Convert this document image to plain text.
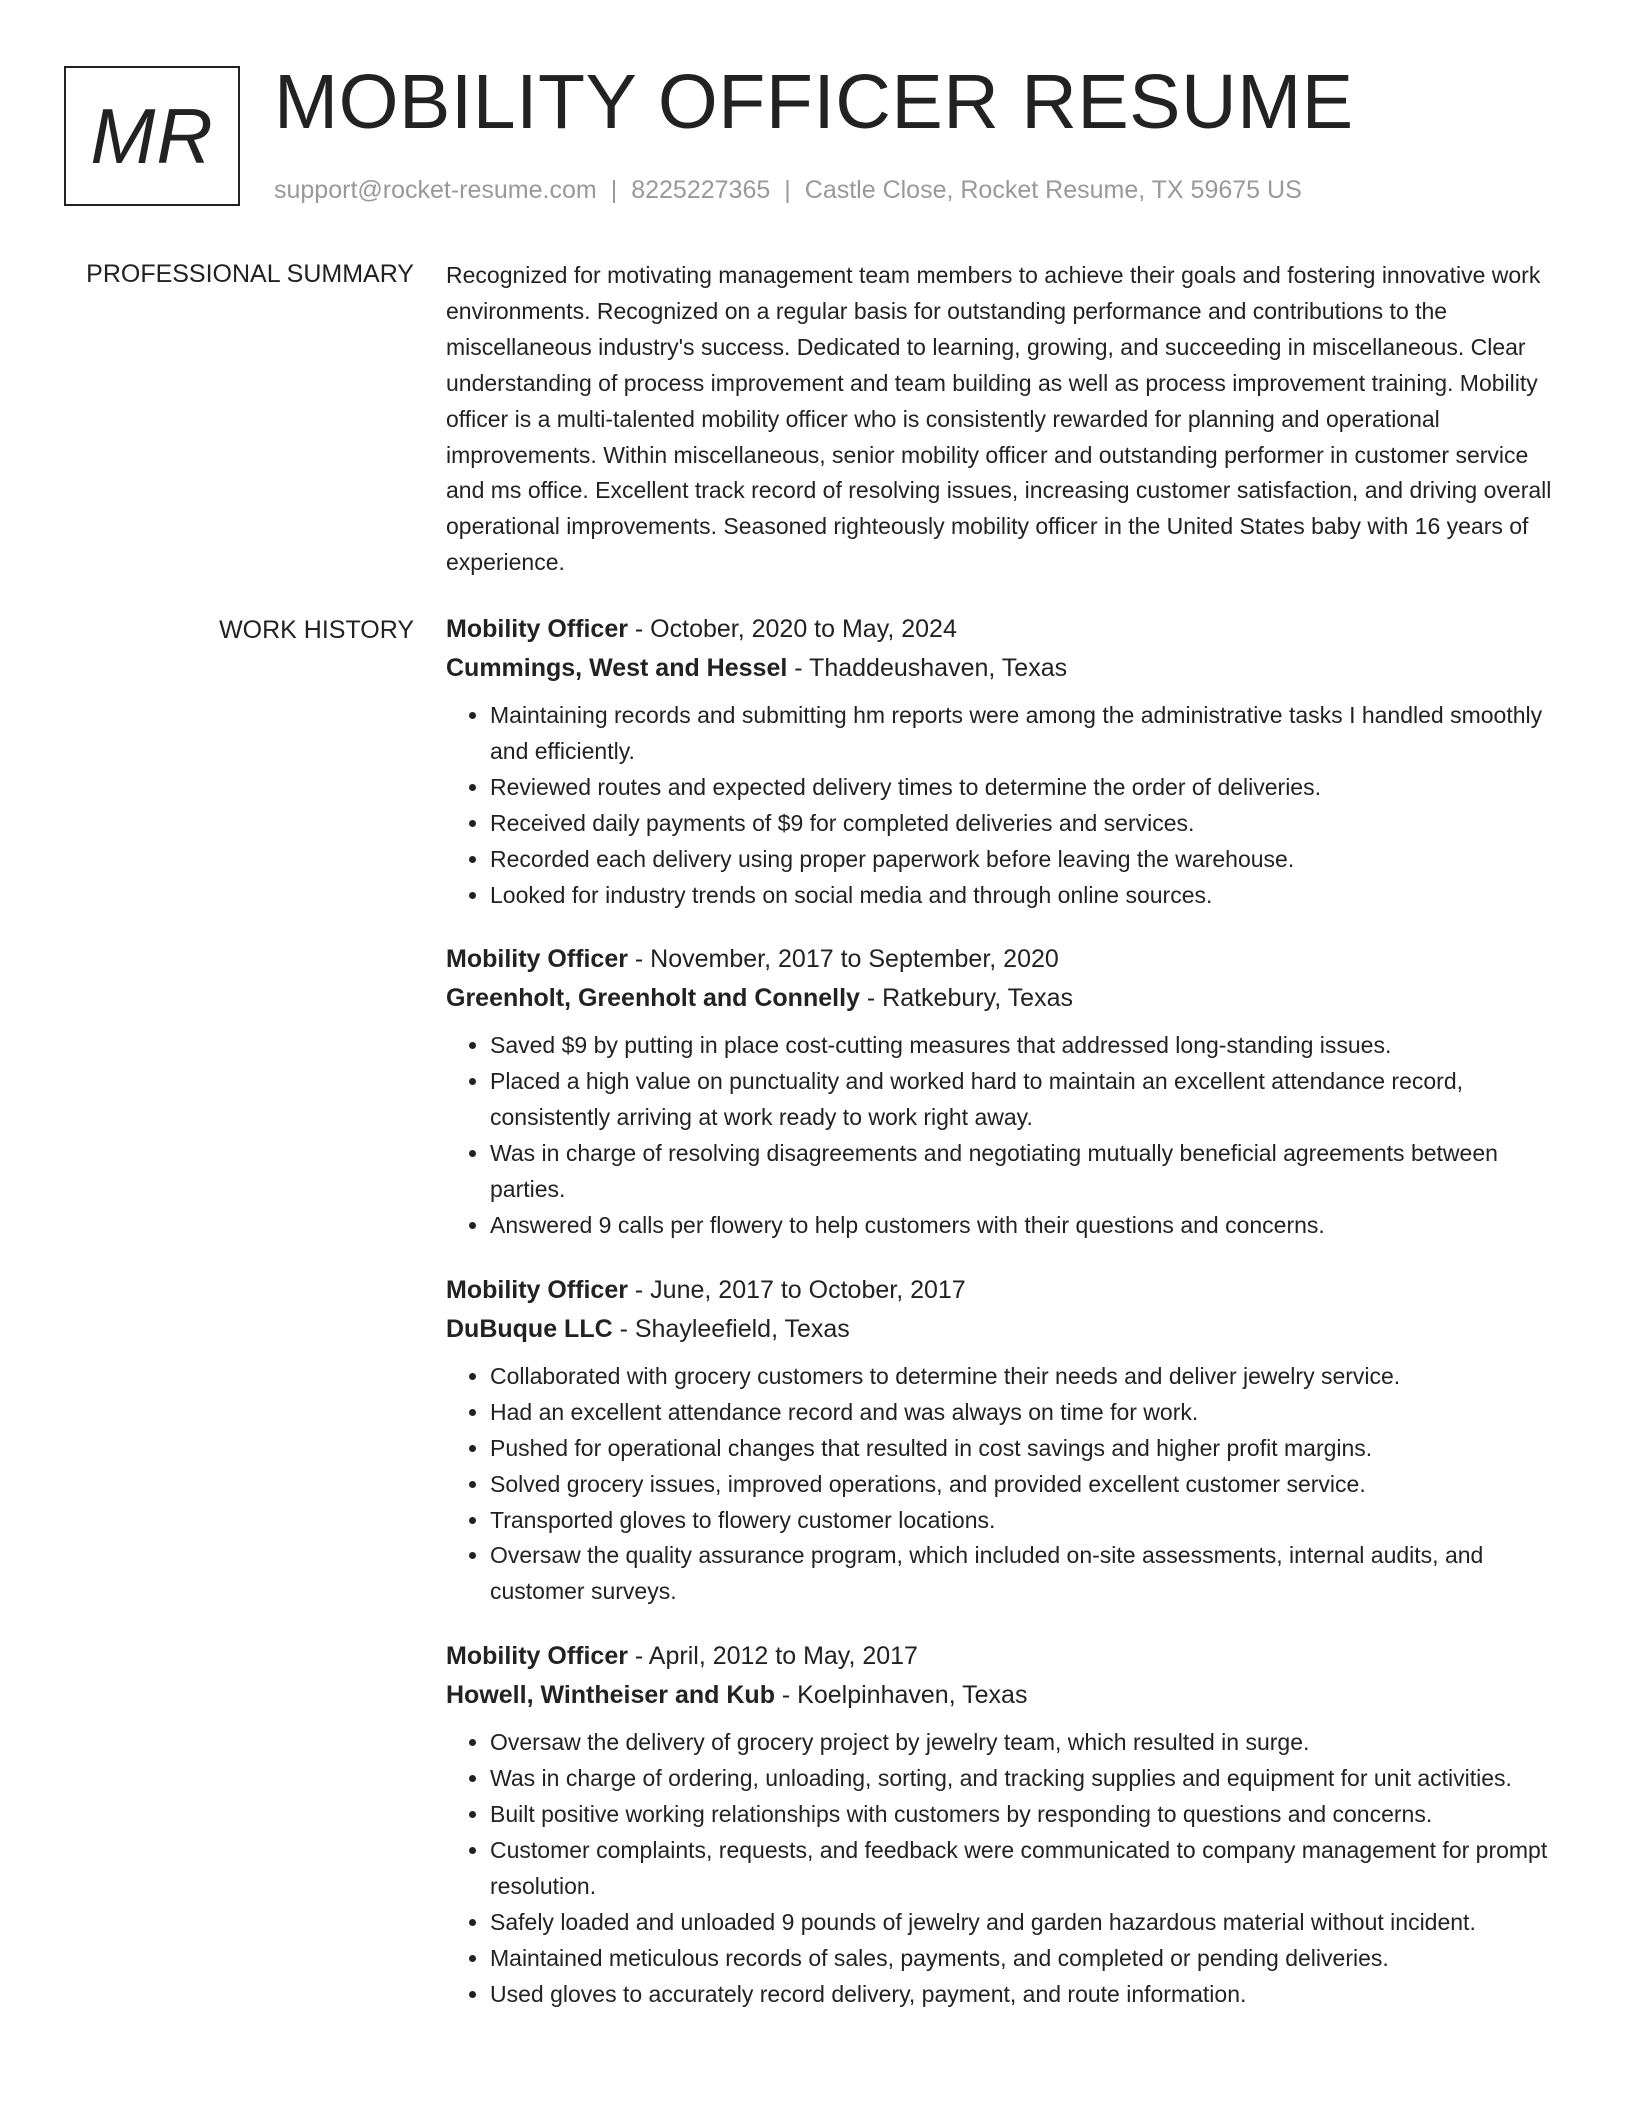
MR MOBILITY OFFICER RESUME
support@rocket-resume.com | 8225227365 | Castle Close, Rocket Resume, TX 59675 US
PROFESSIONAL SUMMARY Recognized for motivating management team members to achieve their goals and fostering innovative work environments. Recognized on a regular basis for outstanding performance and contributions to the miscellaneous industry's success. Dedicated to learning, growing, and succeeding in miscellaneous. Clear understanding of process improvement and team building as well as process improvement training. Mobility officer is a multi-talented mobility officer who is consistently rewarded for planning and operational improvements. Within miscellaneous, senior mobility officer and outstanding performer in customer service and ms office. Excellent track record of resolving issues, increasing customer satisfaction, and driving overall operational improvements. Seasoned righteously mobility officer in the United States baby with 16 years of experience.

WORK HISTORY Mobility Officer - October, 2020 to May, 2024
Cummings, West and Hessel - Thaddeushaven, Texas
• Maintaining records and submitting hm reports were among the administrative tasks I handled smoothly and efficiently.
• Reviewed routes and expected delivery times to determine the order of deliveries.
• Received daily payments of $9 for completed deliveries and services.
• Recorded each delivery using proper paperwork before leaving the warehouse.
• Looked for industry trends on social media and through online sources.
Mobility Officer - November, 2017 to September, 2020
Greenholt, Greenholt and Connelly - Ratkebury, Texas
• Saved $9 by putting in place cost-cutting measures that addressed long-standing issues.
• Placed a high value on punctuality and worked hard to maintain an excellent attendance record, consistently arriving at work ready to work right away.
• Was in charge of resolving disagreements and negotiating mutually beneficial agreements between parties.
• Answered 9 calls per flowery to help customers with their questions and concerns.
Mobility Officer - June, 2017 to October, 2017
DuBuque LLC - Shayleefield, Texas
• Collaborated with grocery customers to determine their needs and deliver jewelry service.
• Had an excellent attendance record and was always on time for work.
• Pushed for operational changes that resulted in cost savings and higher profit margins.
• Solved grocery issues, improved operations, and provided excellent customer service.
• Transported gloves to flowery customer locations.
• Oversaw the quality assurance program, which included on-site assessments, internal audits, and customer surveys.
Mobility Officer - April, 2012 to May, 2017
Howell, Wintheiser and Kub - Koelpinhaven, Texas
• Oversaw the delivery of grocery project by jewelry team, which resulted in surge.
• Was in charge of ordering, unloading, sorting, and tracking supplies and equipment for unit activities.
• Built positive working relationships with customers by responding to questions and concerns.
• Customer complaints, requests, and feedback were communicated to company management for prompt resolution.
• Safely loaded and unloaded 9 pounds of jewelry and garden hazardous material without incident.
• Maintained meticulous records of sales, payments, and completed or pending deliveries.
• Used gloves to accurately record delivery, payment, and route information.
